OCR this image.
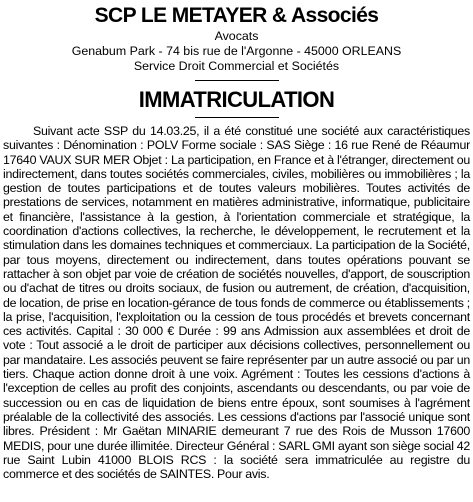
SCP LE METAYER & Associés
Avocats
Genabum Park - 74 bis rue de l'Argonne - 45000 ORLEANS
Service Droit Commercial et Sociétés
IMMATRICULATION

Suivant acte SSP du 14.03.25, il a été constitué une société aux caractéristiques suivantes : Dénomination : POLV Forme sociale : SAS Siège : 16 rue René de Réaumur 17640 VAUX SUR MER Objet : La participation, en France et à l'étranger, directement ou indirectement, dans toutes sociétés commerciales, civiles, mobilières ou immobilières ; la gestion de toutes participations et de toutes valeurs mobilières. Toutes activités de prestations de services, notamment en matières administrative, informatique, publicitaire et financière, l'assistance à la gestion, à l'orientation commerciale et stratégique, la coordination d'actions collectives, la recherche, le développement, le recrutement et la stimulation dans les domaines techniques et commerciaux. La participation de la Société, par tous moyens, directement ou indirectement, dans toutes opérations pouvant se rattacher à son objet par voie de création de sociétés nouvelles, d'apport, de souscription ou d'achat de titres ou droits sociaux, de fusion ou autrement, de création, d'acquisition, de location, de prise en location-gérance de tous fonds de commerce ou établissements ; la prise, l'acquisition, l'exploitation ou la cession de tous procédés et brevets concernant ces activités. Capital : 30 000 € Durée : 99 ans Admission aux assemblées et droit de vote : Tout associé a le droit de participer aux décisions collectives, personnellement ou par mandataire. Les associés peuvent se faire représenter par un autre associé ou par un tiers. Chaque action donne droit à une voix. Agrément : Toutes les cessions d'actions à l'exception de celles au profit des conjoints, ascendants ou descendants, ou par voie de succession ou en cas de liquidation de biens entre époux, sont soumises à l'agrément préalable de la collectivité des associés. Les cessions d'actions par l'associé unique sont libres. Président : Mr Gaëtan MINARIE demeurant 7 rue des Rois de Musson 17600 MEDIS, pour une durée illimitée. Directeur Général : SARL GMI ayant son siège social 42 rue Saint Lubin 41000 BLOIS RCS : la société sera immatriculée au registre du commerce et des sociétés de SAINTES. Pour avis.
